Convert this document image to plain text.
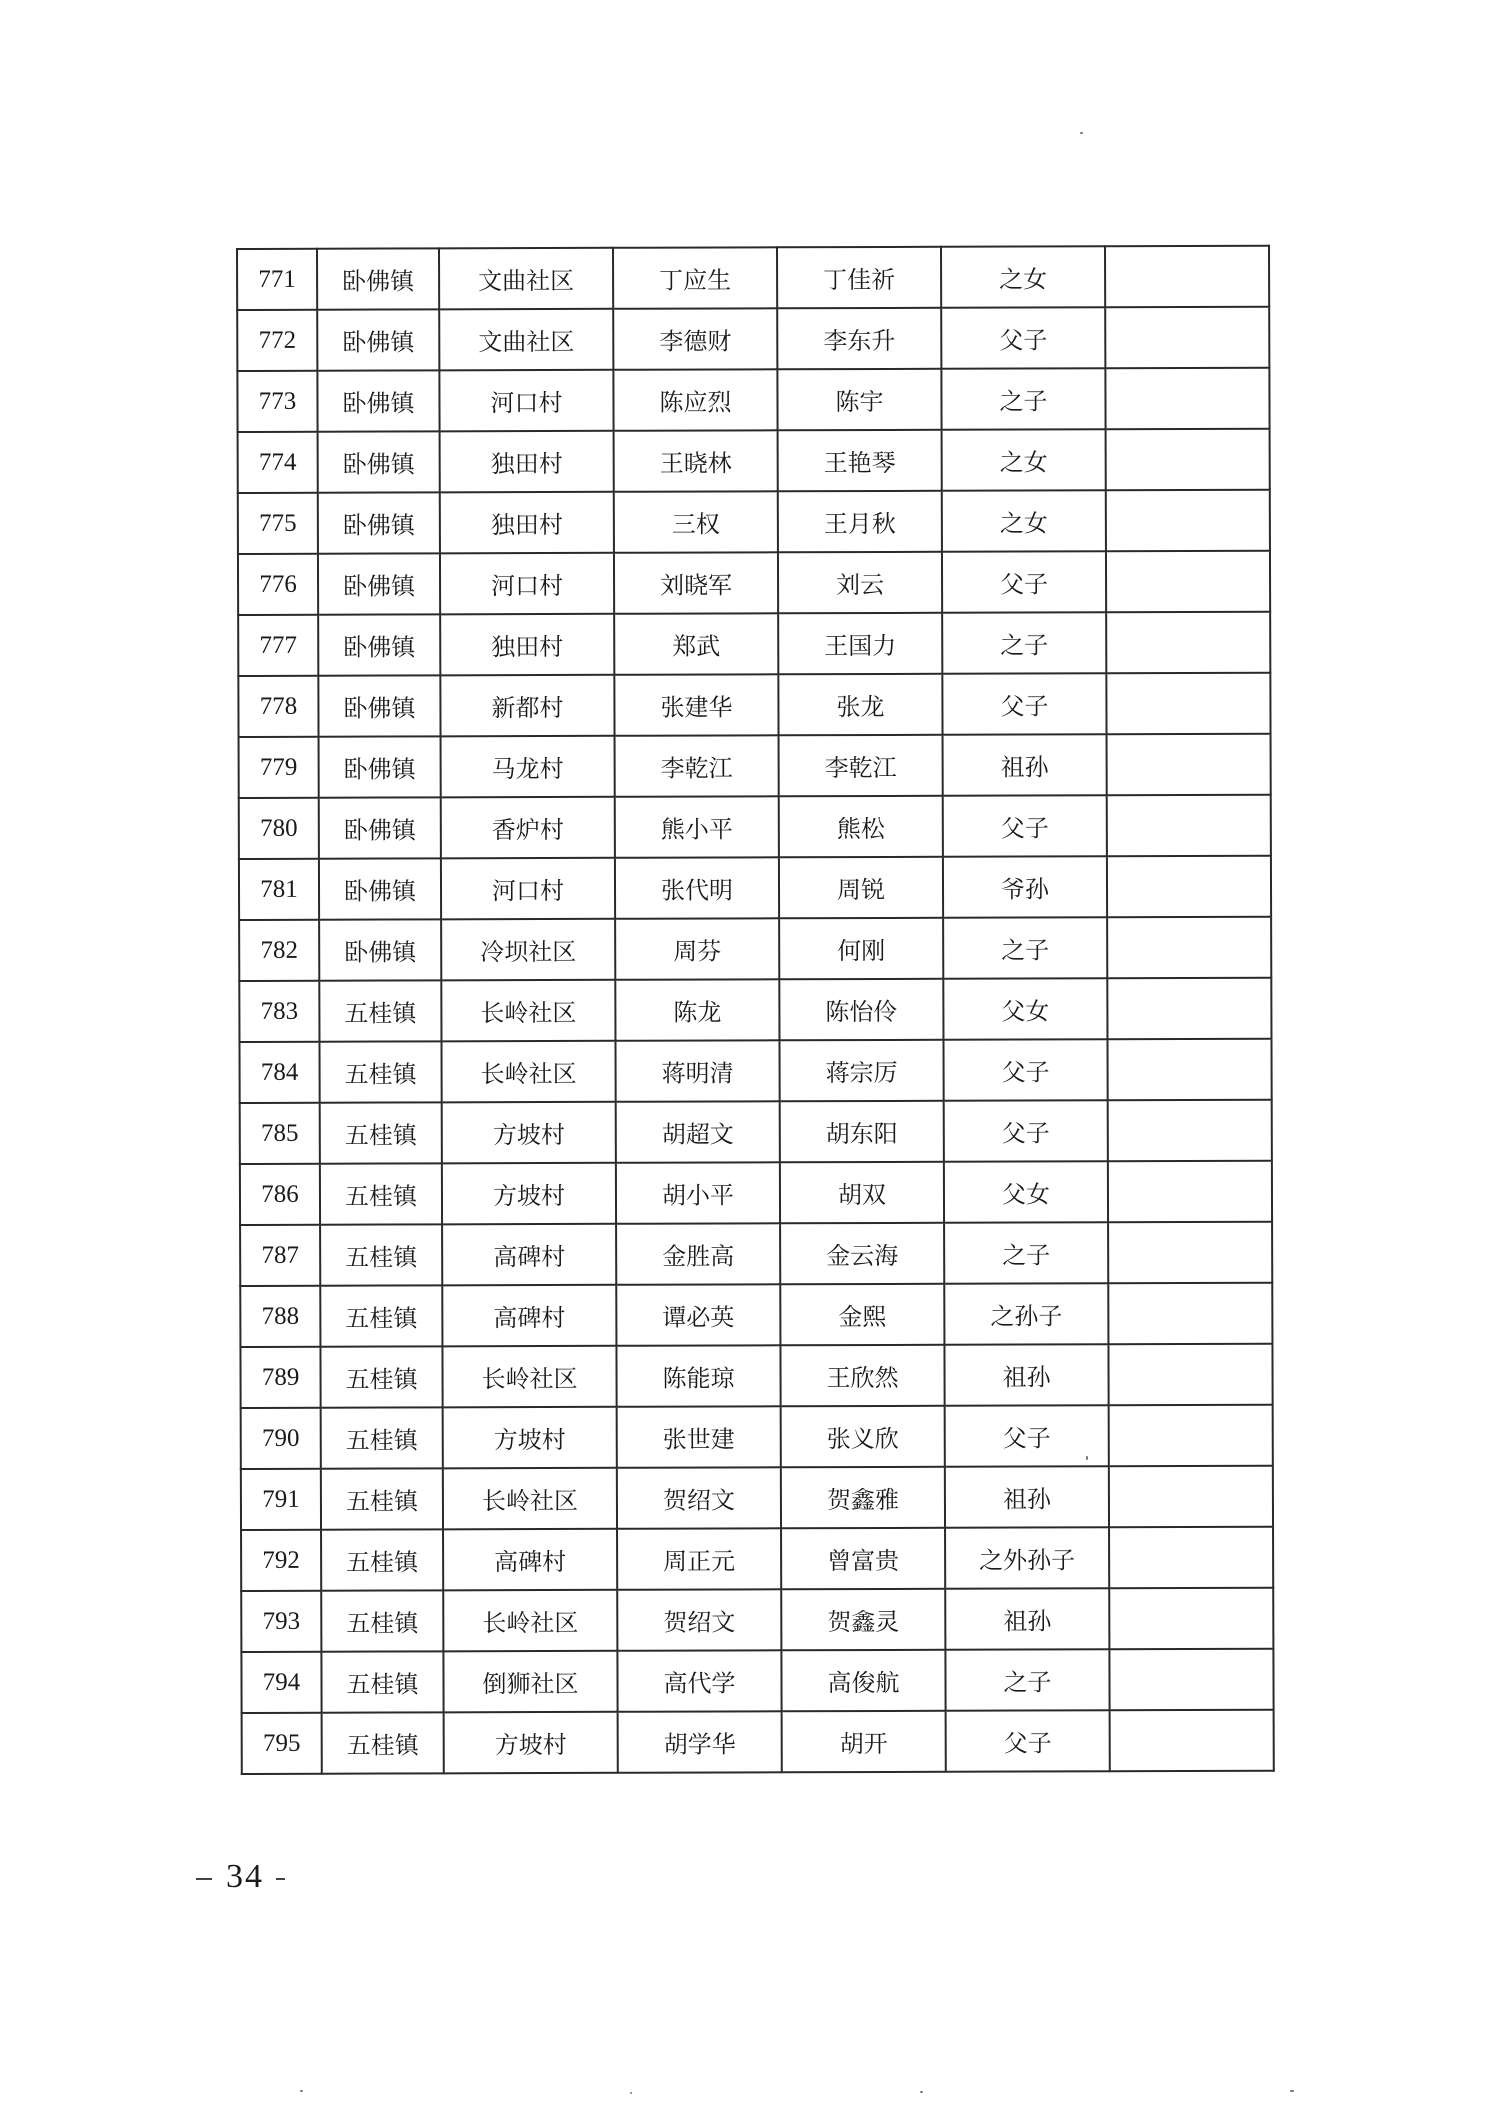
771	卧佛镇	文曲社区	丁应生	丁佳祈	之女	
772	卧佛镇	文曲社区	李德财	李东升	父子	
773	卧佛镇	河口村	陈应烈	陈宇	之子	
774	卧佛镇	独田村	王晓林	王艳琴	之女	
775	卧佛镇	独田村	三权	王月秋	之女	
776	卧佛镇	河口村	刘晓军	刘云	父子	
777	卧佛镇	独田村	郑武	王国力	之子	
778	卧佛镇	新都村	张建华	张龙	父子	
779	卧佛镇	马龙村	李乾江	李乾江	祖孙	
780	卧佛镇	香炉村	熊小平	熊松	父子	
781	卧佛镇	河口村	张代明	周锐	爷孙	
782	卧佛镇	冷坝社区	周芬	何刚	之子	
783	五桂镇	长岭社区	陈龙	陈怡伶	父女	
784	五桂镇	长岭社区	蒋明清	蒋宗厉	父子	
785	五桂镇	方坡村	胡超文	胡东阳	父子	
786	五桂镇	方坡村	胡小平	胡双	父女	
787	五桂镇	高碑村	金胜高	金云海	之子	
788	五桂镇	高碑村	谭必英	金熙	之孙子	
789	五桂镇	长岭社区	陈能琼	王欣然	祖孙	
790	五桂镇	方坡村	张世建	张义欣	父子	
791	五桂镇	长岭社区	贺绍文	贺鑫雅	祖孙	
792	五桂镇	高碑村	周正元	曾富贵	之外孙子	
793	五桂镇	长岭社区	贺绍文	贺鑫灵	祖孙	
794	五桂镇	倒狮社区	高代学	高俊航	之子	
795	五桂镇	方坡村	胡学华	胡开	父子	
34
